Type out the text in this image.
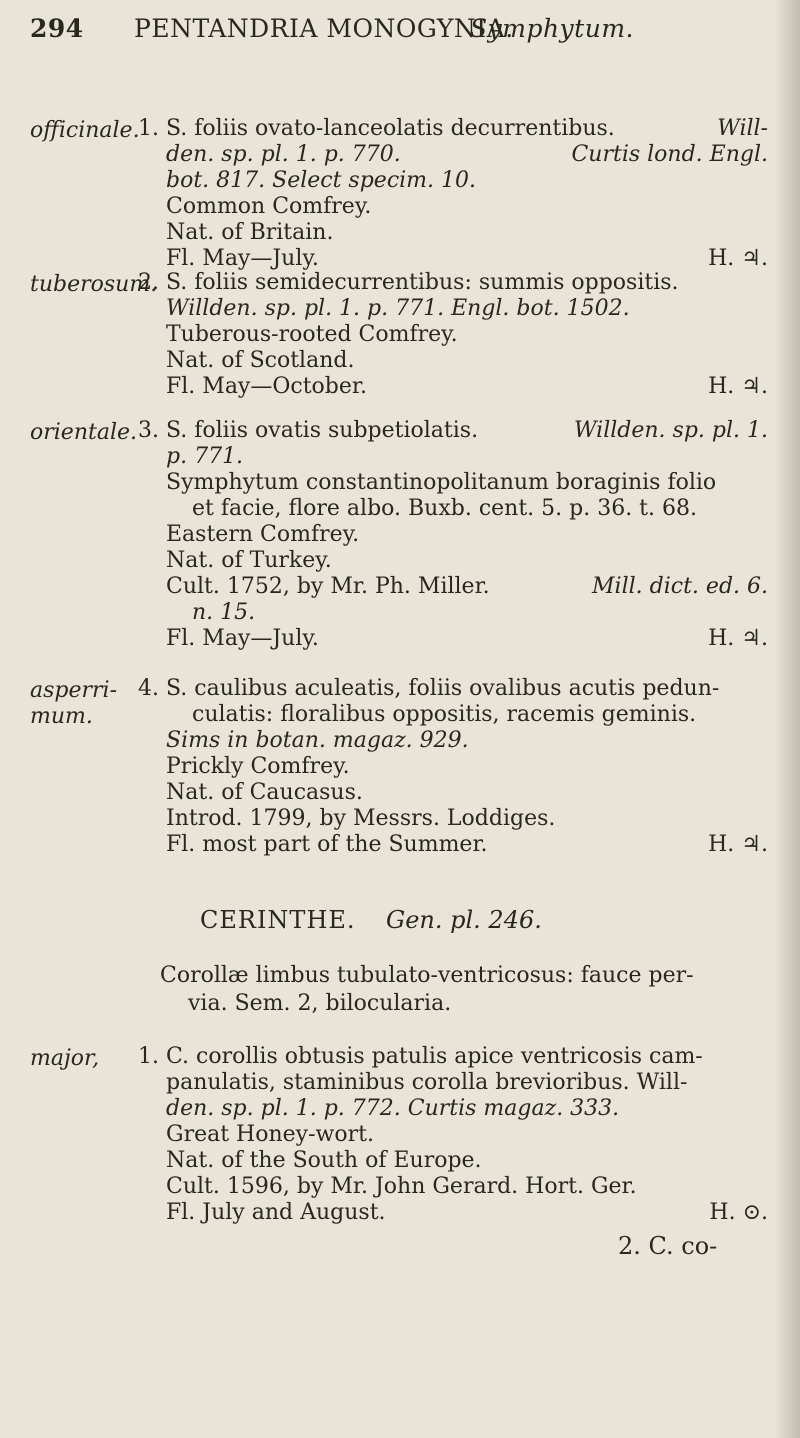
294 PENTANDRIA MONOGYNIA.
Symphytum.
officinale.

1. S. foliis ovato-lanceolatis decurrentibus.	Will-

den. sp. pl. 1. p. 770.	Curtis lond. Engl.

bot. 817. Select specim. 10.

Common Comfrey.

Nat. of Britain.

Fl. May—July.	H. ♃.
tuberosum.

2. S. foliis semidecurrentibus: summis oppositis.

Willden. sp. pl. 1. p. 771. Engl. bot. 1502.

Tuberous-rooted Comfrey.

Nat. of Scotland.

Fl. May—October.	H. ♃.
orientale. 3. S. foliis ovatis subpetiolatis.	Willden. sp. pl. 1.

p. 771.

Symphytum constantinopolitanum boraginis folio

et facie, flore albo. Buxb. cent. 5. p. 36. t. 68.

Eastern Comfrey.

Nat. of Turkey.

Cult. 1752, by Mr. Ph. Miller.	Mill. dict. ed. 6.

n. 15.

Fl. May—July.	H. ♃.
asperri- mum.

4. S. caulibus aculeatis, foliis ovalibus acutis pedun-

culatis: floralibus oppositis, racemis geminis.

Sims in botan. magaz. 929.

Prickly Comfrey.

Nat. of Caucasus.

Introd. 1799, by Messrs. Loddiges.

Fl. most part of the Summer.	H. ♃.
CERINTHE. Gen. pl. 246.

Corollæ limbus tubulato-ventricosus: fauce per-

via. Sem. 2, bilocularia.

major, 1. C. corollis obtusis patulis apice ventricosis cam-

panulatis, staminibus corolla brevioribus. Will-

den. sp. pl. 1. p. 772. Curtis magaz. 333.

Great Honey-wort.

Nat. of the South of Europe.

Cult. 1596, by Mr. John Gerard. Hort. Ger.

Fl. July and August.	H. ⊙.
2. C. co-
